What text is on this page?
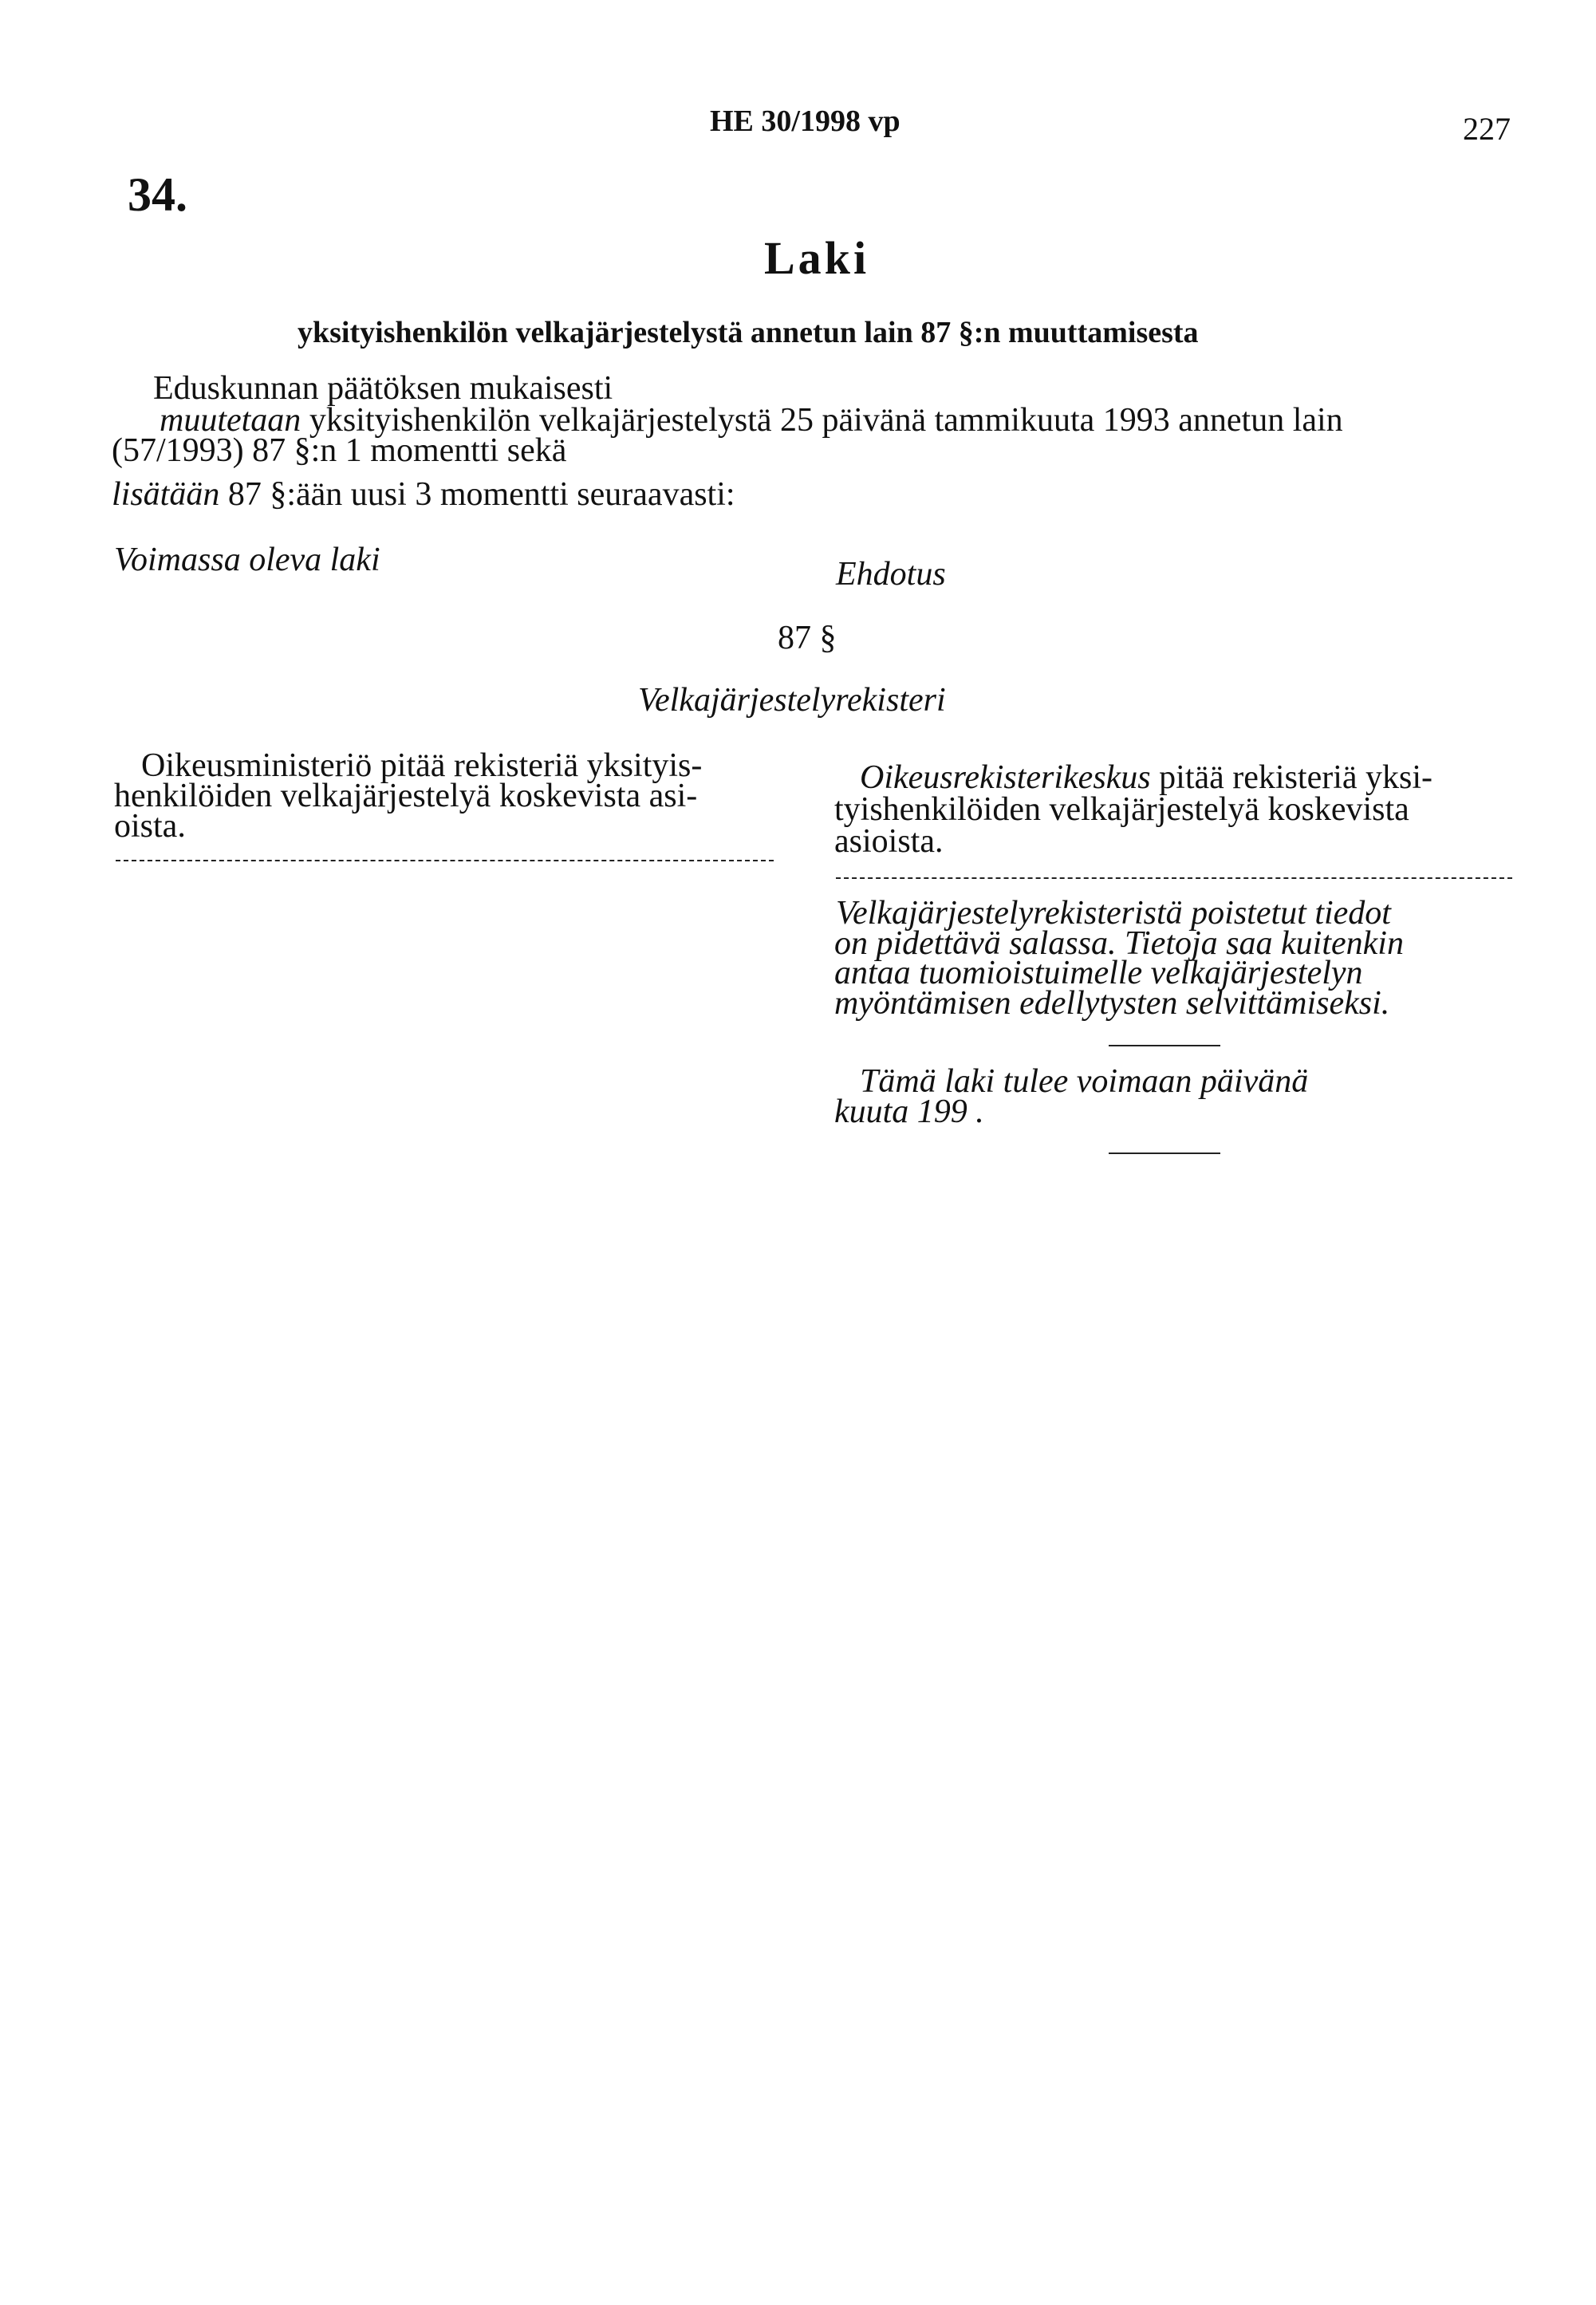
HE 30/1998 vp	227
34.
Laki
yksityishenkilön velkajärjestelystä annetun lain 87 §:n muuttamisesta
Eduskunnan päätöksen mukaisesti
muutetaan yksityishenkilön velkajärjestelystä 25 päivänä tammikuuta 1993 annetun lain
(57/1993) 87 §:n 1 momentti sekä
lisätään 87 §:ään uusi 3 momentti seuraavasti:
Voimassa oleva laki	Ehdotus
87 §
Velkajärjestelyrekisteri
Oikeusministeriö pitää rekisteriä yksityis-
henkilöiden velkajärjestelyä koskevista asi-
oista.
Oikeusrekisterikeskus pitää rekisteriä yksi-
tyishenkilöiden velkajärjestelyä koskevista
asioista.
Velkajärjestelyrekisteristä poistetut tiedot
on pidettävä salassa. Tietoja saa kuitenkin
antaa tuomioistuimelle velkajärjestelyn
myöntämisen edellytysten selvittämiseksi.
Tämä laki tulee voimaan päivänä
kuuta 199 .
